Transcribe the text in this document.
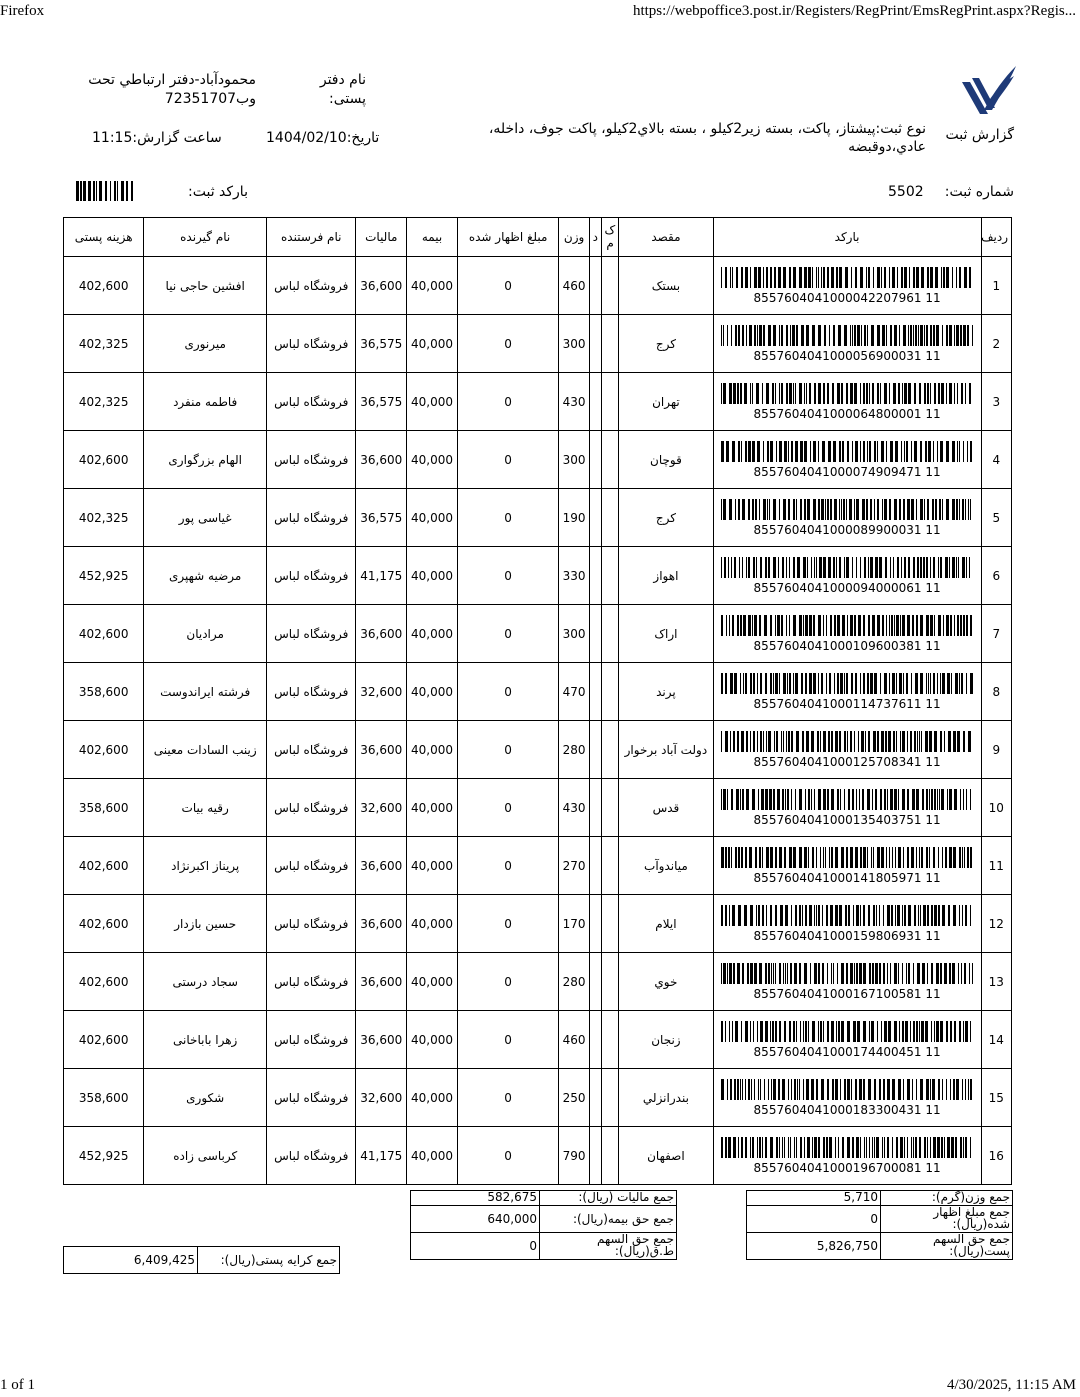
Firefox	https://webpoffice3.post.ir/Registers/RegPrint/EmsRegPrint.aspx?Regis...
گزارش ثبت
نام دفتر پستی:
محمودآباد-دفتر ارتباطي تحت وب72351707
نوع ثبت:پیشتاز، پاکت، بسته زیر2کیلو ، بسته بالاي2کیلو، پاکت جوف، داخله، عادي،دوقبضه
تاریخ:1404/02/10
ساعت گزارش:11:15
شماره ثبت:
5502
بارکد ثبت:
ردیف	بارکد	مقصد	ک م	د	وزن	مبلغ اظهار شده	بیمه	مالیات	نام فرستنده	نام گیرنده	هزینه پستی
1	8557604041000042207961 11	بستک			460	0	40,000	36,600	فروشگاه لباس	افشین حاجی نیا	402,600
2	8557604041000056900031 11	کرج			300	0	40,000	36,575	فروشگاه لباس	میرنوری	402,325
3	8557604041000064800001 11	تهران			430	0	40,000	36,575	فروشگاه لباس	فاطمه منفرد	402,325
4	8557604041000074909471 11	قوچان			300	0	40,000	36,600	فروشگاه لباس	الهام بزرگواری	402,600
5	8557604041000089900031 11	کرج			190	0	40,000	36,575	فروشگاه لباس	غیاسی پور	402,325
6	8557604041000094000061 11	اهواز			330	0	40,000	41,175	فروشگاه لباس	مرضیه شهپری	452,925
7	8557604041000109600381 11	اراک			300	0	40,000	36,600	فروشگاه لباس	مرادیان	402,600
8	8557604041000114737611 11	پرند			470	0	40,000	32,600	فروشگاه لباس	فرشته ایراندوست	358,600
9	8557604041000125708341 11	دولت آباد برخوار			280	0	40,000	36,600	فروشگاه لباس	زینب السادات معینی	402,600
10	8557604041000135403751 11	قدس			430	0	40,000	32,600	فروشگاه لباس	رقیه بیات	358,600
11	8557604041000141805971 11	میاندوآب			270	0	40,000	36,600	فروشگاه لباس	پریناز اکبرنژاد	402,600
12	8557604041000159806931 11	ایلام			170	0	40,000	36,600	فروشگاه لباس	حسین بازدار	402,600
13	8557604041000167100581 11	خوي			280	0	40,000	36,600	فروشگاه لباس	سجاد درستی	402,600
14	8557604041000174400451 11	زنجان			460	0	40,000	36,600	فروشگاه لباس	زهرا باباخانی	402,600
15	8557604041000183300431 11	بندرانزلي			250	0	40,000	32,600	فروشگاه لباس	شکوری	358,600
16	8557604041000196700081 11	اصفهان			790	0	40,000	41,175	فروشگاه لباس	کرباسی زاده	452,925
جمع وزن(گرم):	5,710
جمع مبلغ اظهار شده(ریال):	0
جمع حق السهم پست(ریال):	5,826,750
جمع مالیات (ریال):	582,675
جمع حق بیمه(ریال):	640,000
جمع حق السهم ط.ق(ریال):	0
جمع کرایه پستی(ریال):	6,409,425
1 of 1	4/30/2025, 11:15 AM
